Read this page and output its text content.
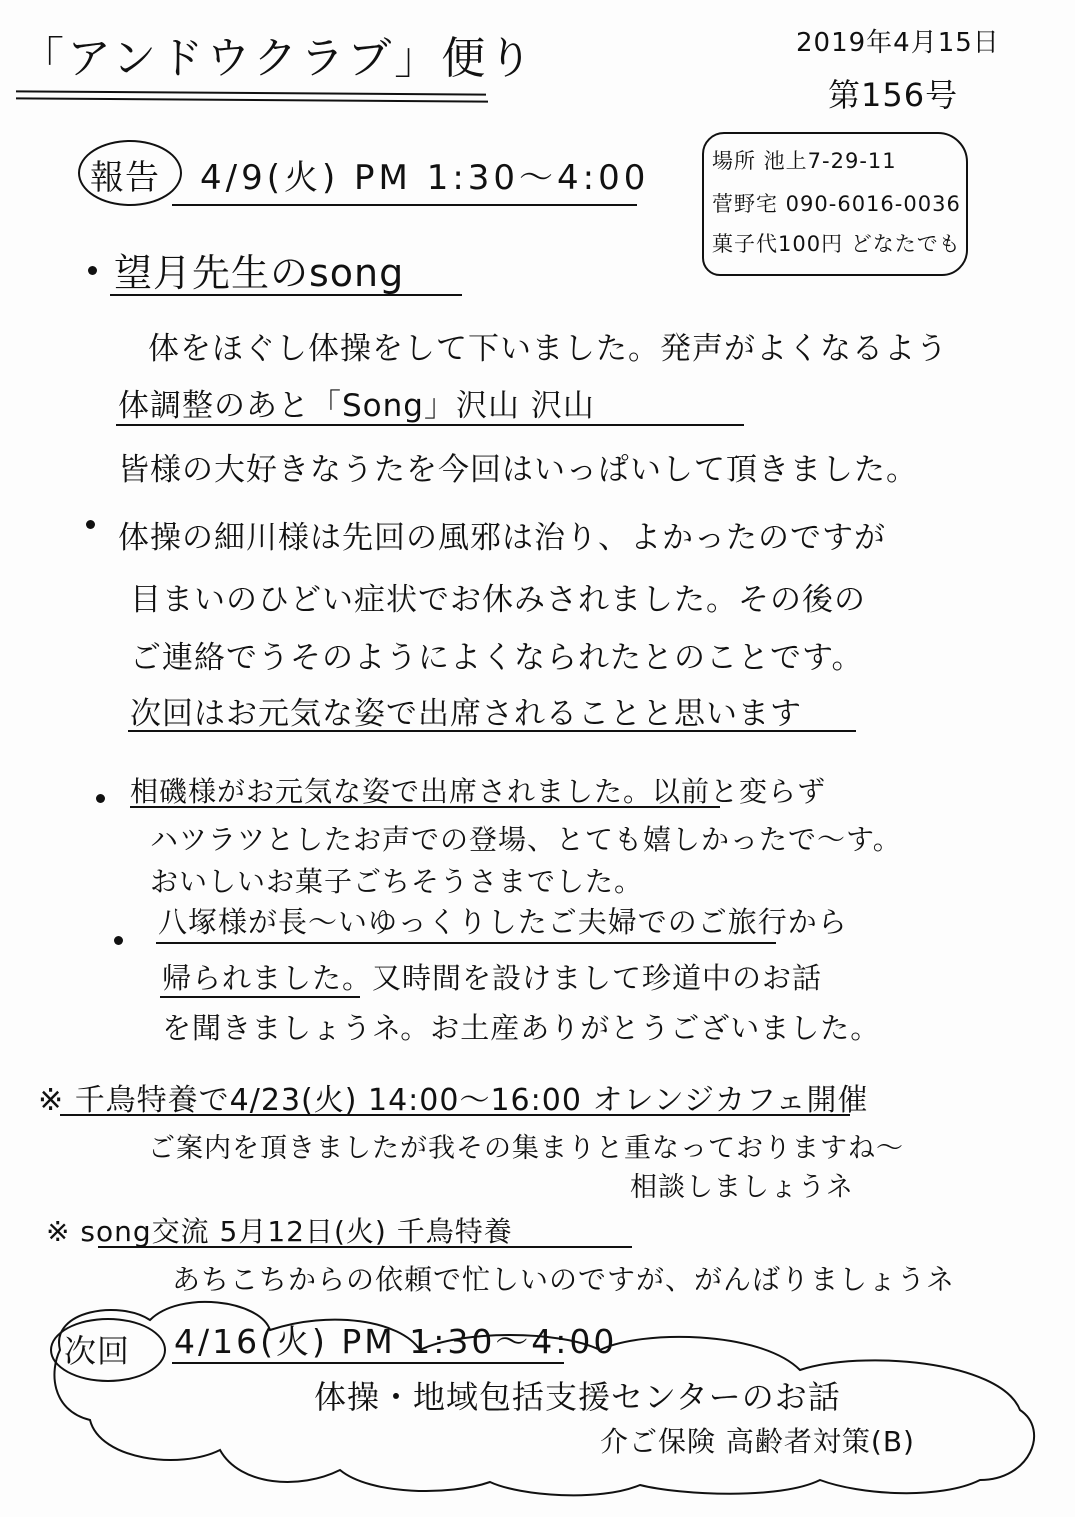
「アンドウクラブ」便り	2019年4月15日
第156号
報告 4/9(火) PM 1:30～4:00	場所 池上7-29-11
菅野宅 090-6016-0036
菓子代100円 どなたでも
望月先生のsong
体をほぐし体操をして下いました。発声がよくなるよう
体調整のあと「Song」沢山 沢山
皆様の大好きなうたを今回はいっぱいして頂きました。
体操の細川様は先回の風邪は治り、よかったのですが
目まいのひどい症状でお休みされました。その後の
ご連絡でうそのようによくなられたとのことです。
次回はお元気な姿で出席されることと思います
相磯様がお元気な姿で出席されました。以前と変らず
ハツラツとしたお声での登場、とても嬉しかったで～す。
おいしいお菓子ごちそうさまでした。
八塚様が長～いゆっくりしたご夫婦でのご旅行から
帰られました。又時間を設けまして珍道中のお話
を聞きましょうネ。お土産ありがとうございました。
※ 千鳥特養で4/23(火) 14:00～16:00 オレンジカフェ開催
ご案内を頂きましたが我その集まりと重なっておりますね～
相談しましょうネ
※ song交流 5月12日(火) 千鳥特養
あちこちからの依頼で忙しいのですが、がんばりましょうネ
次回 4/16(火) PM 1:30～4:00
体操・地域包括支援センターのお話
介ご保険 高齢者対策(B)
